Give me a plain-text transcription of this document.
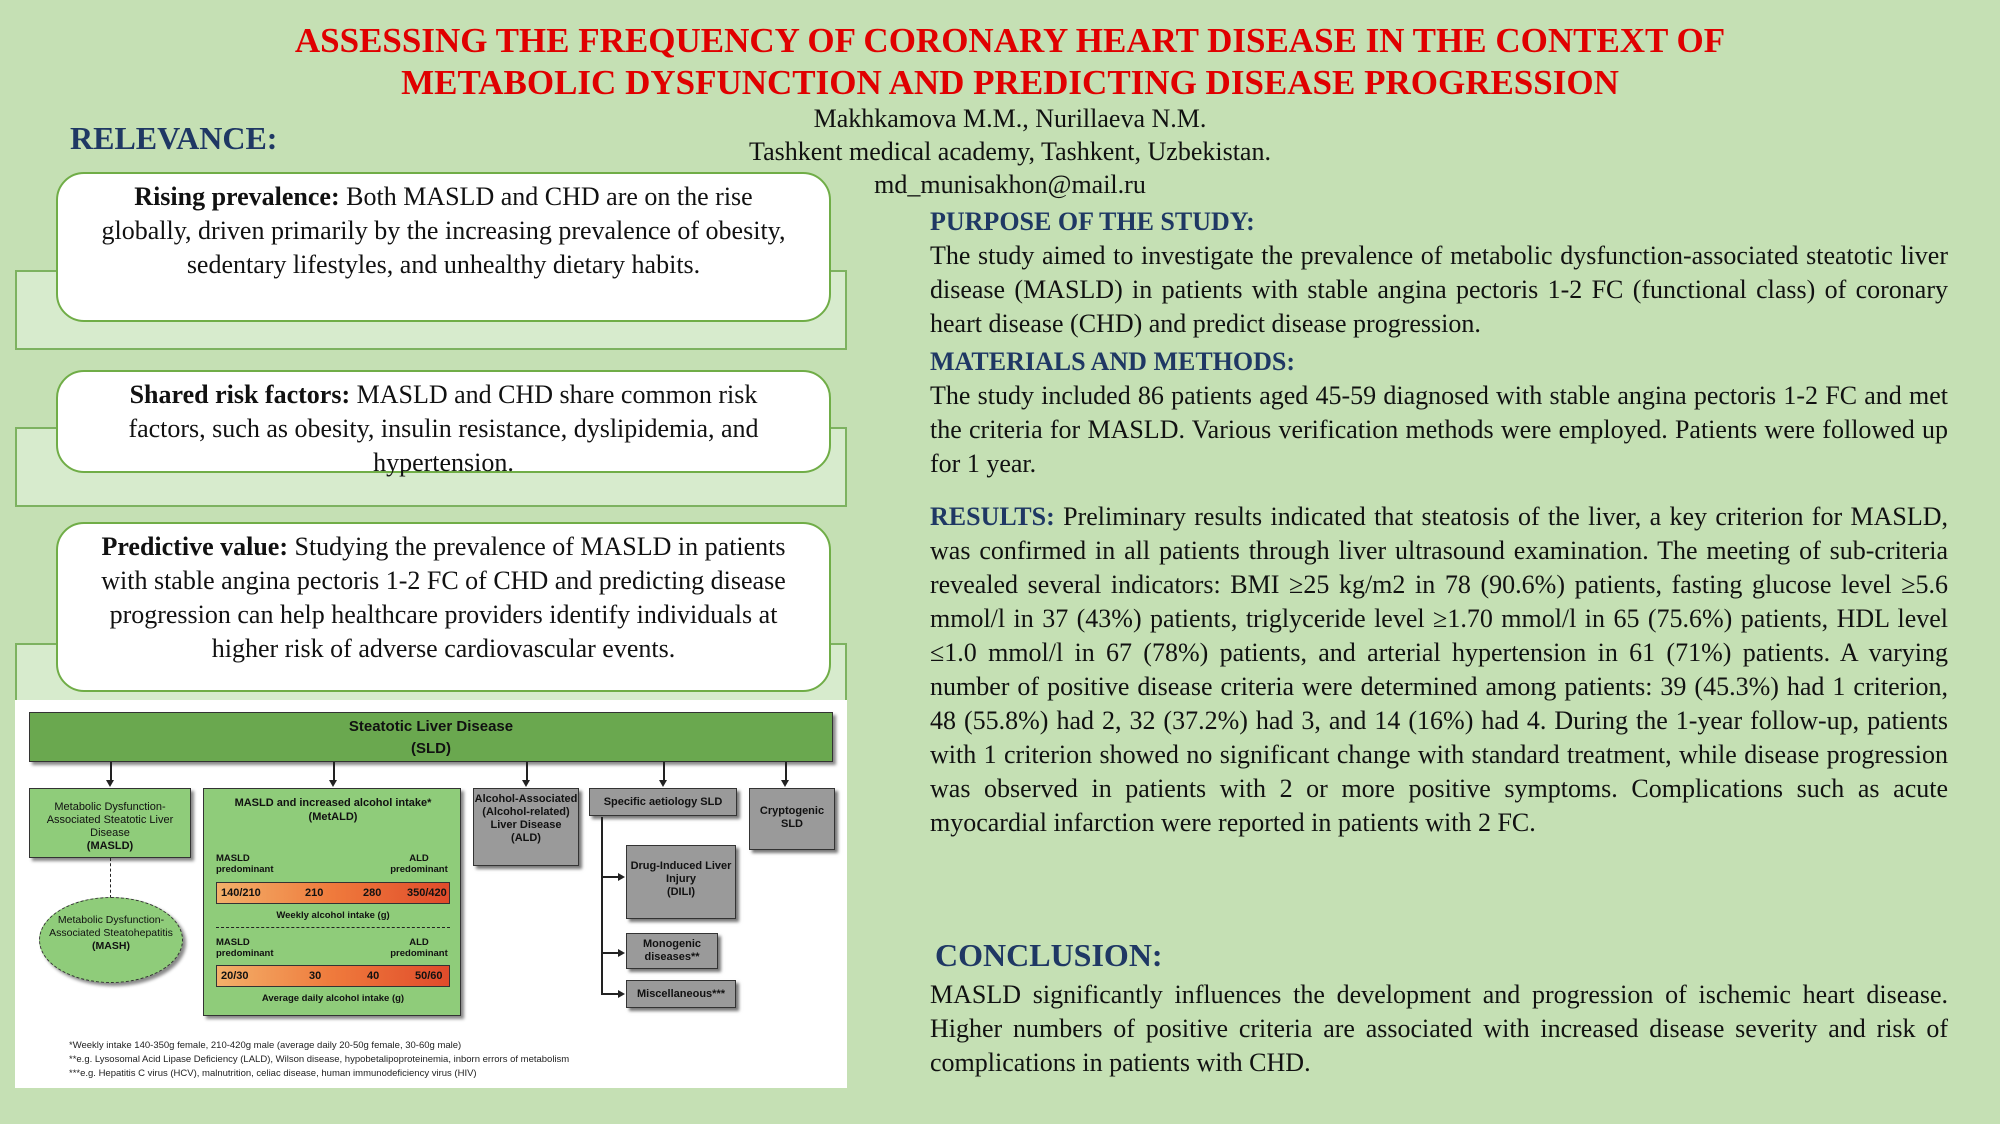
ASSESSING THE FREQUENCY OF CORONARY HEART DISEASE IN THE CONTEXT OF
METABOLIC DYSFUNCTION AND PREDICTING DISEASE PROGRESSION
Makhkamova M.M., Nurillaeva N.M.
Tashkent medical academy, Tashkent, Uzbekistan.
md_munisakhon@mail.ru
RELEVANCE:
Rising prevalence: Both MASLD and CHD are on the rise globally, driven primarily by the increasing prevalence of obesity, sedentary lifestyles, and unhealthy dietary habits.
Shared risk factors: MASLD and CHD share common risk factors, such as obesity, insulin resistance, dyslipidemia, and hypertension.
Predictive value: Studying the prevalence of MASLD in patients with stable angina pectoris 1-2 FC of CHD and predicting disease progression can help healthcare providers identify individuals at higher risk of adverse cardiovascular events.
Steatotic Liver Disease
(SLD)
Metabolic Dysfunction-Associated Steatotic Liver Disease
(MASLD)
Metabolic Dysfunction-Associated Steatohepatitis
(MASH)
MASLD and increased alcohol intake*
(MetALD)
MASLD predominant
ALD predominant
140/210	210	280 350/420
Weekly alcohol intake (g)
MASLD predominant
ALD predominant
20/30	30	40	50/60
Average daily alcohol intake (g)
Alcohol-Associated (Alcohol-related) Liver Disease
(ALD)
Specific aetiology SLD
Drug-Induced Liver Injury
(DILI)
Monogenic diseases**
Miscellaneous***
Cryptogenic SLD
*Weekly intake 140-350g female, 210-420g male (average daily 20-50g female, 30-60g male)
**e.g. Lysosomal Acid Lipase Deficiency (LALD), Wilson disease, hypobetalipoproteinemia, inborn errors of metabolism
***e.g. Hepatitis C virus (HCV), malnutrition, celiac disease, human immunodeficiency virus (HIV)
PURPOSE OF THE STUDY:

The study aimed to investigate the prevalence of metabolic dysfunction-associated steatotic liver disease (MASLD) in patients with stable angina pectoris 1-2 FC (functional class) of coronary heart disease (CHD) and predict disease progression.

MATERIALS AND METHODS:

The study included 86 patients aged 45-59 diagnosed with stable angina pectoris 1-2 FC and met the criteria for MASLD. Various verification methods were employed. Patients were followed up for 1 year.

RESULTS: Preliminary results indicated that steatosis of the liver, a key criterion for MASLD, was confirmed in all patients through liver ultrasound examination. The meeting of sub-criteria revealed several indicators: BMI ≥25 kg/m2 in 78 (90.6%) patients, fasting glucose level ≥5.6 mmol/l in 37 (43%) patients, triglyceride level ≥1.70 mmol/l in 65 (75.6%) patients, HDL level ≤1.0 mmol/l in 67 (78%) patients, and arterial hypertension in 61 (71%) patients. A varying number of positive disease criteria were determined among patients: 39 (45.3%) had 1 criterion, 48 (55.8%) had 2, 32 (37.2%) had 3, and 14 (16%) had 4. During the 1-year follow-up, patients with 1 criterion showed no significant change with standard treatment, while disease progression was observed in patients with 2 or more positive symptoms. Complications such as acute myocardial infarction were reported in patients with 2 FC.

CONCLUSION:

MASLD significantly influences the development and progression of ischemic heart disease. Higher numbers of positive criteria are associated with increased disease severity and risk of complications in patients with CHD.
